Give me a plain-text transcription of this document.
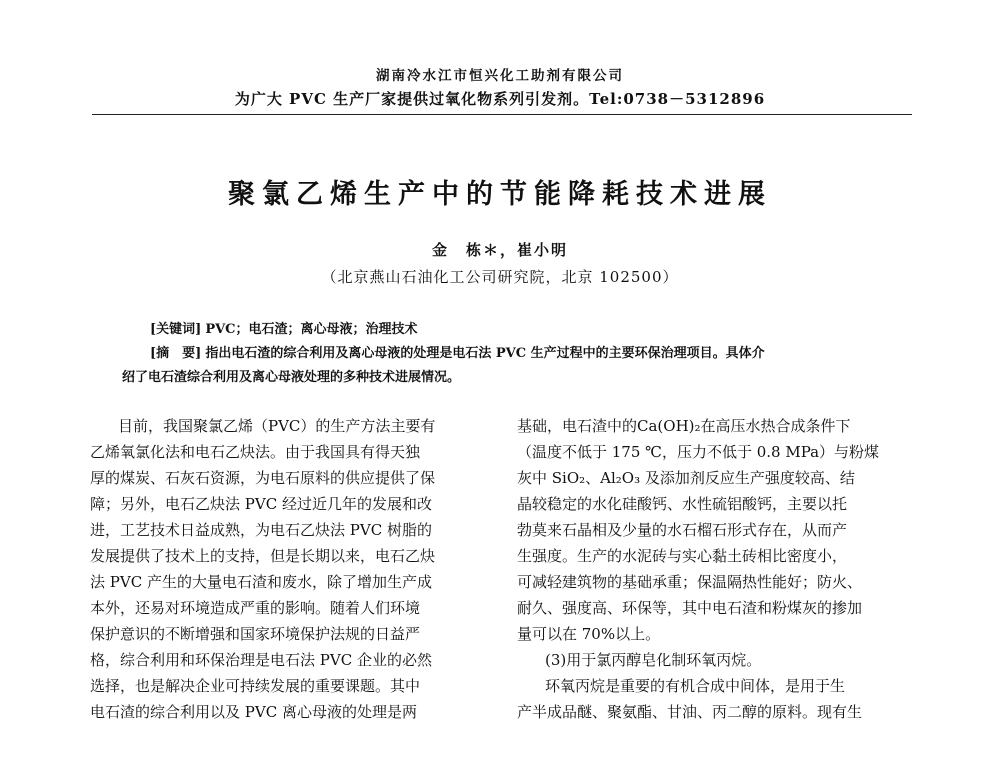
湖南冷水江市恒兴化工助剂有限公司
为广大 PVC 生产厂家提供过氧化物系列引发剂。Tel:0738－5312896
聚氯乙烯生产中的节能降耗技术进展
金　栋＊，崔小明
（北京燕山石油化工公司研究院，北京 102500）
[关键词] PVC；电石渣；离心母液；治理技术
[摘　要] 指出电石渣的综合利用及离心母液的处理是电石法 PVC 生产过程中的主要环保治理项目。具体介
绍了电石渣综合利用及离心母液处理的多种技术进展情况。
目前，我国聚氯乙烯（PVC）的生产方法主要有
乙烯氧氯化法和电石乙炔法。由于我国具有得天独
厚的煤炭、石灰石资源，为电石原料的供应提供了保
障；另外，电石乙炔法 PVC 经过近几年的发展和改
进，工艺技术日益成熟，为电石乙炔法 PVC 树脂的
发展提供了技术上的支持，但是长期以来，电石乙炔
法 PVC 产生的大量电石渣和废水，除了增加生产成
本外，还易对环境造成严重的影响。随着人们环境
保护意识的不断增强和国家环境保护法规的日益严
格，综合利用和环保治理是电石法 PVC 企业的必然
选择，也是解决企业可持续发展的重要课题。其中
电石渣的综合利用以及 PVC 离心母液的处理是两
基础，电石渣中的Ca(OH)₂在高压水热合成条件下
（温度不低于 175 ℃，压力不低于 0.8 MPa）与粉煤
灰中 SiO₂、Al₂O₃ 及添加剂反应生产强度较高、结
晶较稳定的水化硅酸钙、水性硫铝酸钙，主要以托
勃莫来石晶相及少量的水石榴石形式存在，从而产
生强度。生产的水泥砖与实心黏土砖相比密度小，
可减轻建筑物的基础承重；保温隔热性能好；防火、
耐久、强度高、环保等，其中电石渣和粉煤灰的掺加
量可以在 70%以上。
(3)用于氯丙醇皂化制环氧丙烷。
环氧丙烷是重要的有机合成中间体，是用于生
产半成品醚、聚氨酯、甘油、丙二醇的原料。现有生
